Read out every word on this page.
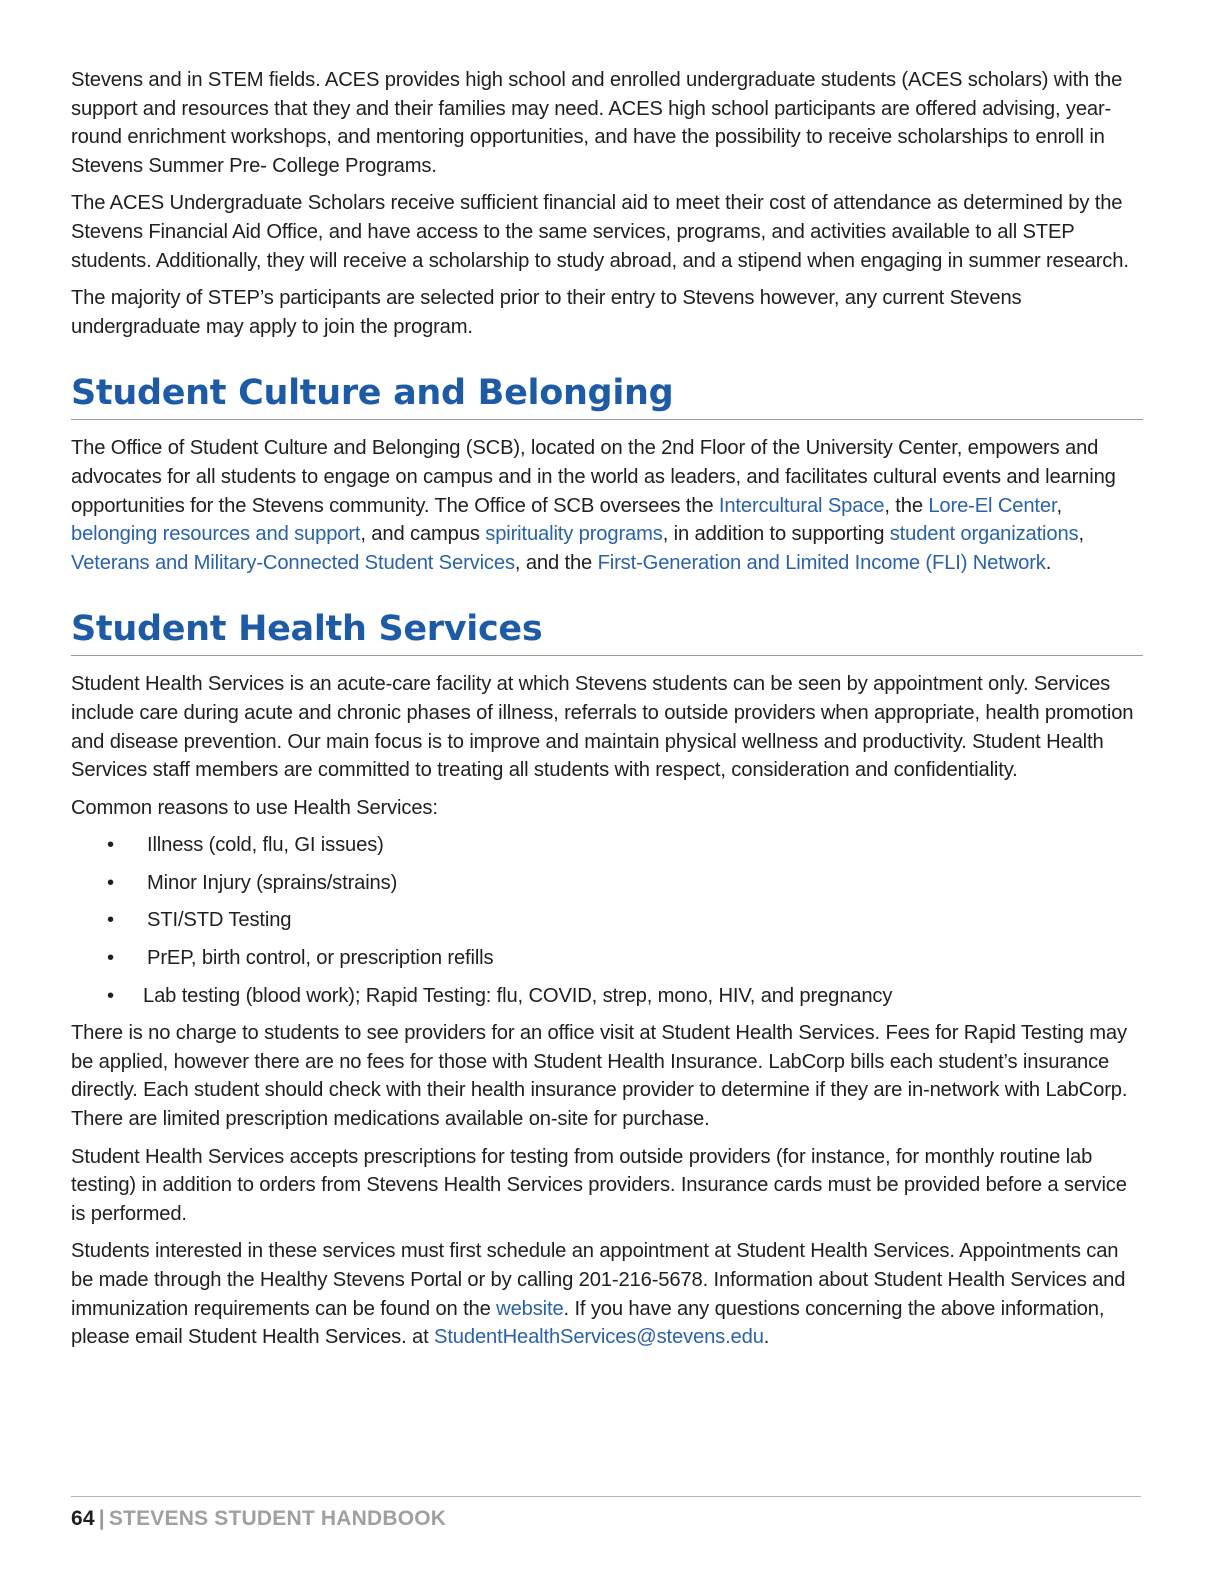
Stevens and in STEM fields. ACES provides high school and enrolled undergraduate students (ACES scholars) with the support and resources that they and their families may need. ACES high school participants are offered advising, year-round enrichment workshops, and mentoring opportunities, and have the possibility to receive scholarships to enroll in Stevens Summer Pre- College Programs.

The ACES Undergraduate Scholars receive sufficient financial aid to meet their cost of attendance as determined by the Stevens Financial Aid Office, and have access to the same services, programs, and activities available to all STEP students. Additionally, they will receive a scholarship to study abroad, and a stipend when engaging in summer research.

The majority of STEP’s participants are selected prior to their entry to Stevens however, any current Stevens undergraduate may apply to join the program.

Student Culture and Belonging

The Office of Student Culture and Belonging (SCB), located on the 2nd Floor of the University Center, empowers and advocates for all students to engage on campus and in the world as leaders, and facilitates cultural events and learning opportunities for the Stevens community. The Office of SCB oversees the Intercultural Space, the Lore-El Center, belonging resources and support, and campus spirituality programs, in addition to supporting student organizations, Veterans and Military-Connected Student Services, and the First-Generation and Limited Income (FLI) Network.

Student Health Services

Student Health Services is an acute-care facility at which Stevens students can be seen by appointment only. Services include care during acute and chronic phases of illness, referrals to outside providers when appropriate, health promotion and disease prevention. Our main focus is to improve and maintain physical wellness and productivity. Student Health Services staff members are committed to treating all students with respect, consideration and confidentiality.

Common reasons to use Health Services:

• Illness (cold, flu, GI issues)
• Minor Injury (sprains/strains)
• STI/STD Testing
• PrEP, birth control, or prescription refills
• Lab testing (blood work); Rapid Testing: flu, COVID, strep, mono, HIV, and pregnancy

There is no charge to students to see providers for an office visit at Student Health Services. Fees for Rapid Testing may be applied, however there are no fees for those with Student Health Insurance. LabCorp bills each student’s insurance directly. Each student should check with their health insurance provider to determine if they are in-network with LabCorp. There are limited prescription medications available on-site for purchase.

Student Health Services accepts prescriptions for testing from outside providers (for instance, for monthly routine lab testing) in addition to orders from Stevens Health Services providers. Insurance cards must be provided before a service is performed.

Students interested in these services must first schedule an appointment at Student Health Services. Appointments can be made through the Healthy Stevens Portal or by calling 201-216-5678. Information about Student Health Services and immunization requirements can be found on the website. If you have any questions concerning the above information, please email Student Health Services. at StudentHealthServices@stevens.edu.

64 | STEVENS STUDENT HANDBOOK
